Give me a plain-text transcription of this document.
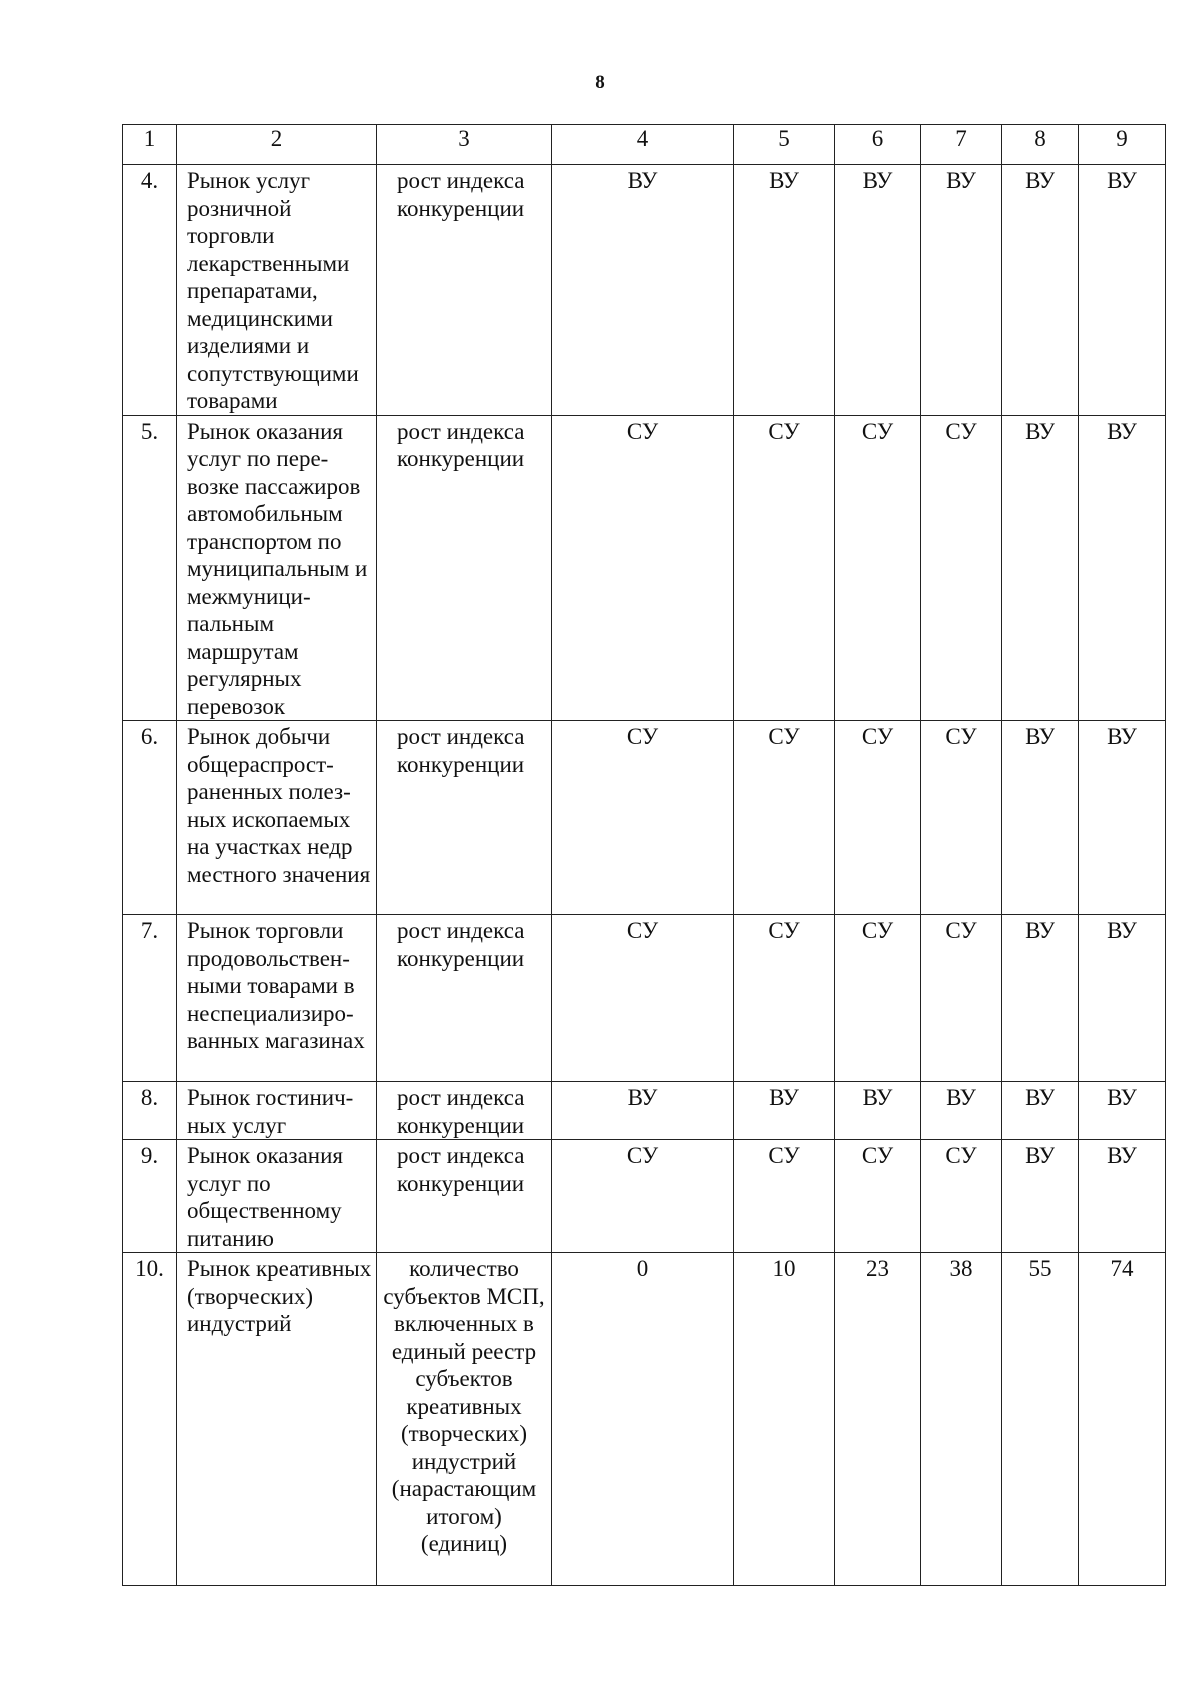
8
1	2	3	4	5	6	7	8	9
4.	Рынок услуг розничной торговли лекарственными препаратами, медицинскими изделиями и сопутствующими товарами	рост индекса конкуренции	ВУ	ВУ	ВУ	ВУ	ВУ	ВУ
5.	Рынок оказания услуг по пере-возке пассажиров автомобильным транспортом по муниципальным и межмуници-пальным маршрутам регулярных перевозок	рост индекса конкуренции	СУ	СУ	СУ	СУ	ВУ	ВУ
6.	Рынок добычи общераспрост-раненных полез-ных ископаемых на участках недр местного значения	рост индекса конкуренции	СУ	СУ	СУ	СУ	ВУ	ВУ
7.	Рынок торговли продовольствен-ными товарами в неспециализиро-ванных магазинах	рост индекса конкуренции	СУ	СУ	СУ	СУ	ВУ	ВУ
8.	Рынок гостинич-ных услуг	рост индекса конкуренции	ВУ	ВУ	ВУ	ВУ	ВУ	ВУ
9.	Рынок оказания услуг по общественному питанию	рост индекса конкуренции	СУ	СУ	СУ	СУ	ВУ	ВУ
10.	Рынок креативных (творческих) индустрий	количество субъектов МСП, включенных в единый реестр субъектов креативных (творческих) индустрий (нарастающим итогом) (единиц)	0	10	23	38	55	74
